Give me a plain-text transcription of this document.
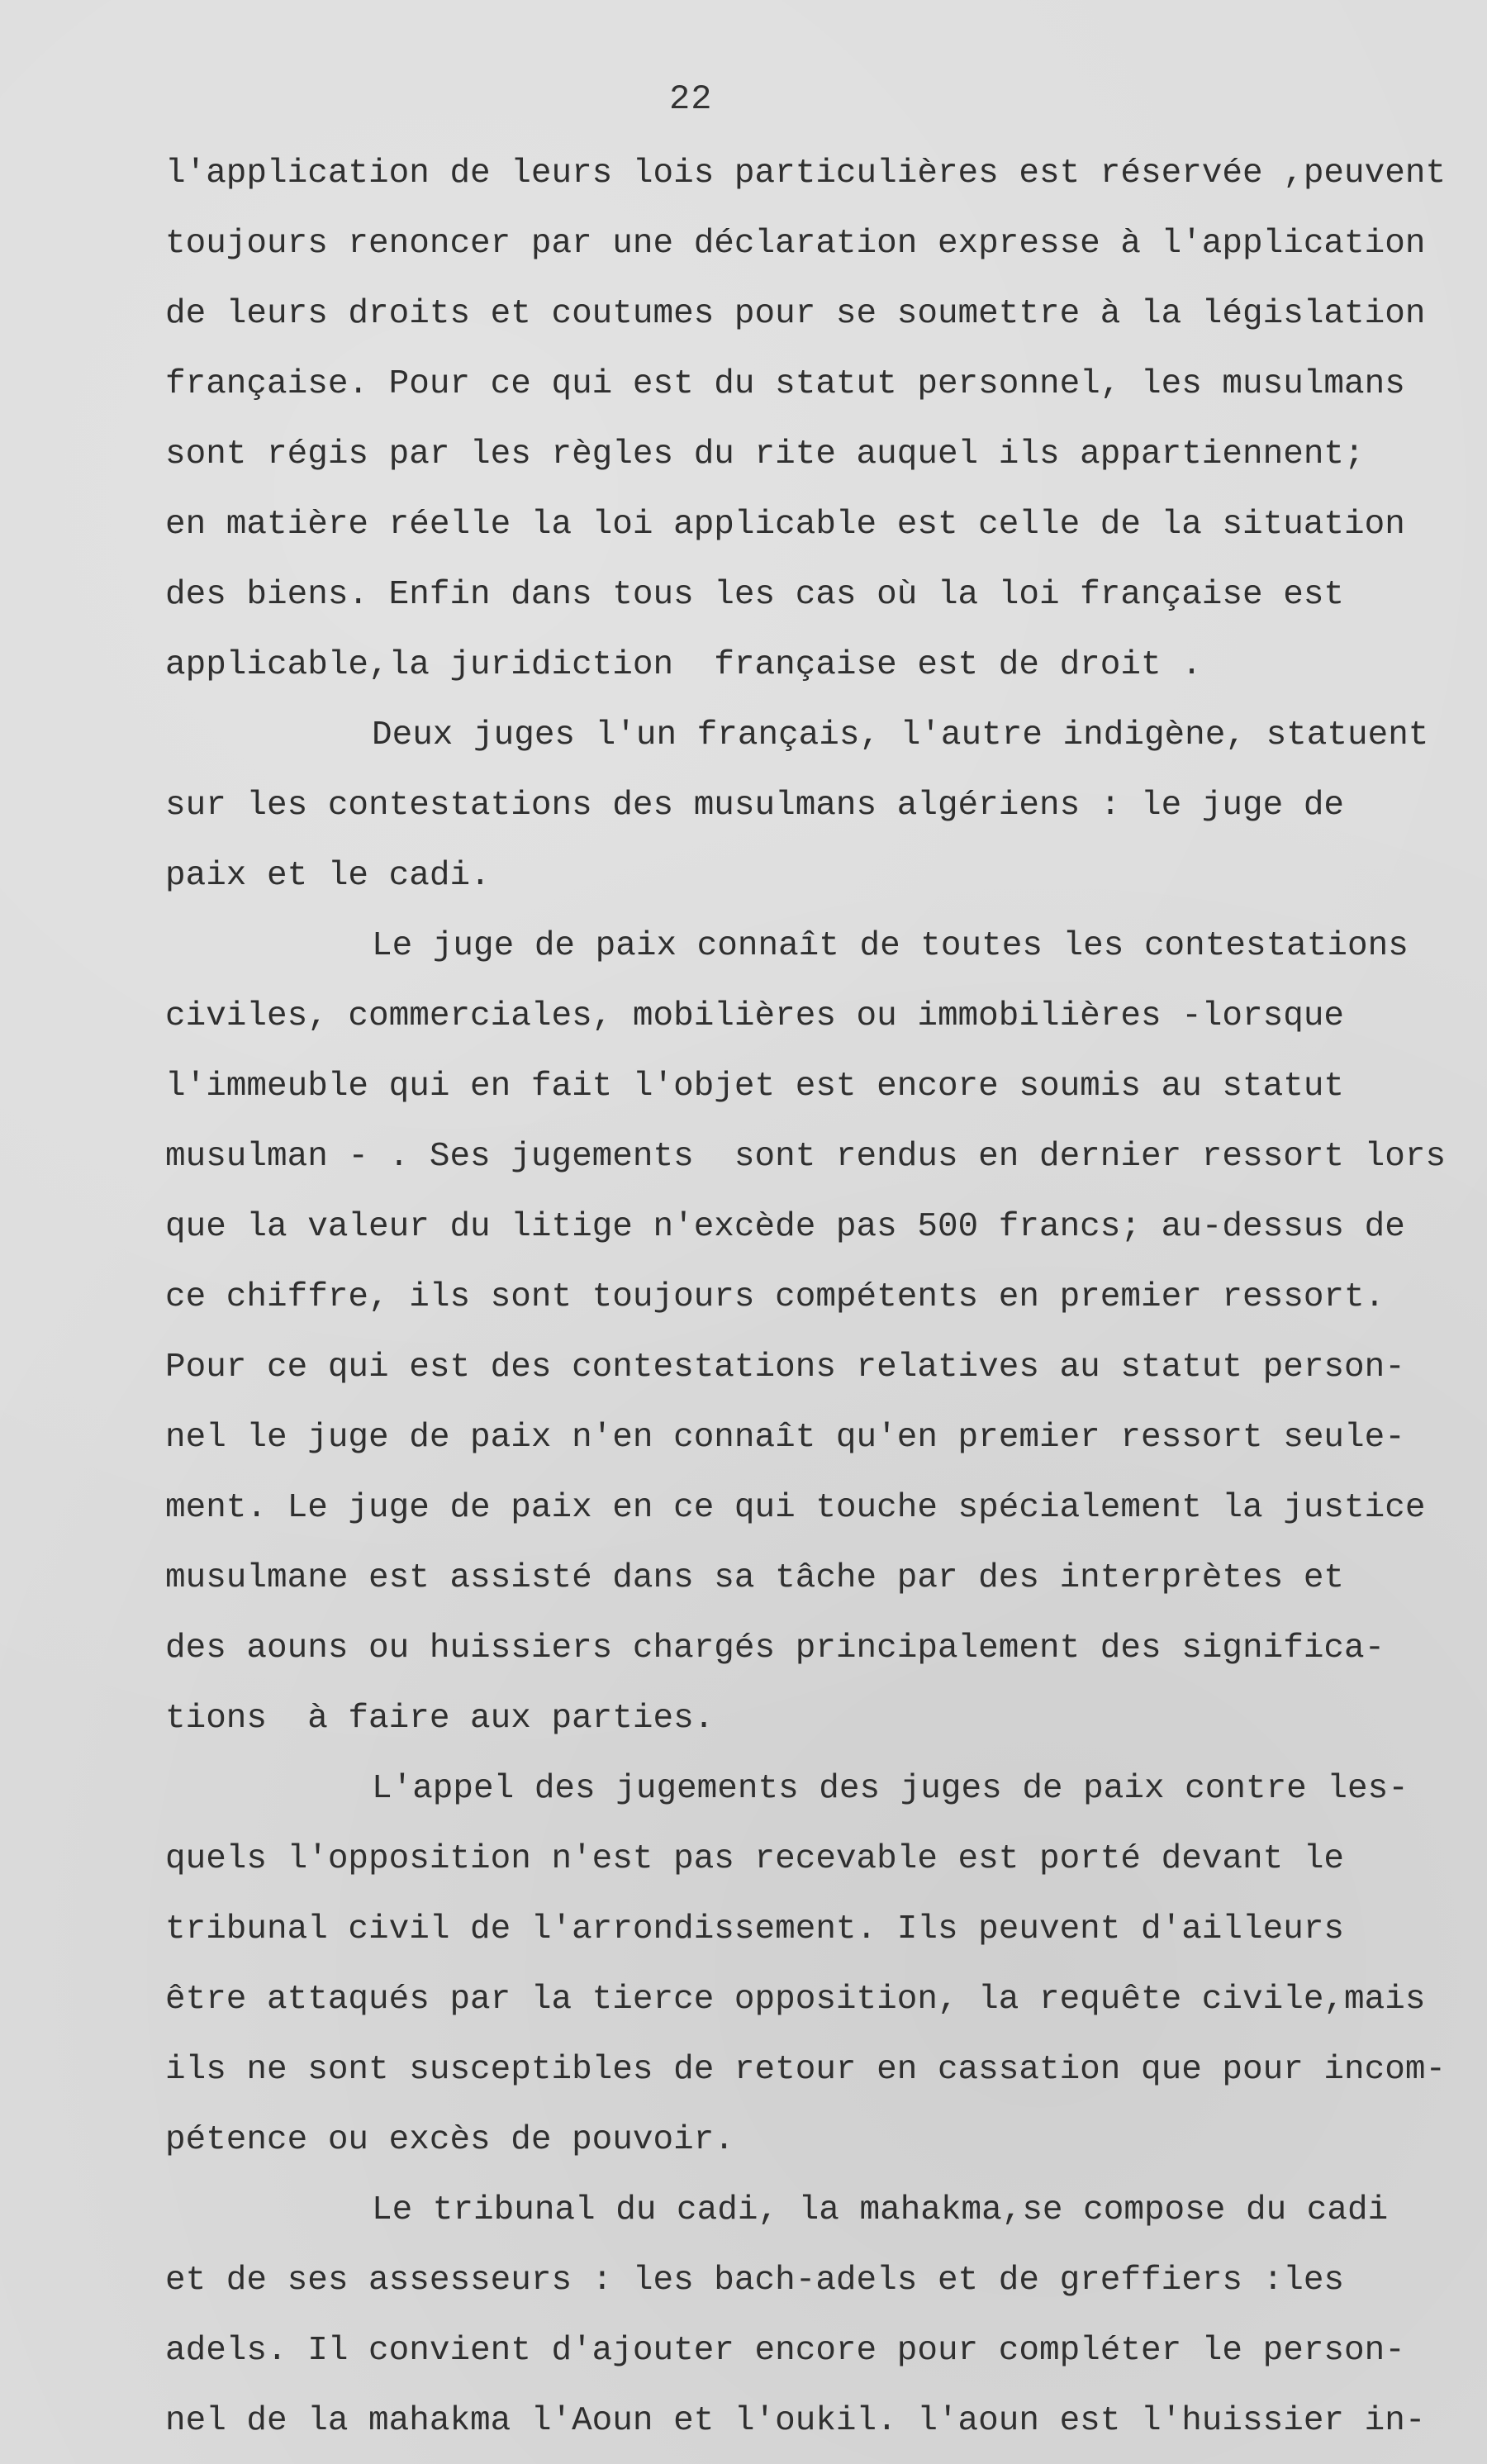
22
l'application de leurs lois particulières est réservée ,peuvent
toujours renoncer par une déclaration expresse à l'application
de leurs droits et coutumes pour se soumettre à la législation
française. Pour ce qui est du statut personnel, les musulmans
sont régis par les règles du rite auquel ils appartiennent;
en matière réelle la loi applicable est celle de la situation
des biens. Enfin dans tous les cas où la loi française est
applicable,la juridiction  française est de droit .
Deux juges l'un français, l'autre indigène, statuent
sur les contestations des musulmans algériens : le juge de
paix et le cadi.
Le juge de paix connaît de toutes les contestations
civiles, commerciales, mobilières ou immobilières -lorsque
l'immeuble qui en fait l'objet est encore soumis au statut
musulman - . Ses jugements  sont rendus en dernier ressort lors
que la valeur du litige n'excède pas 500 francs; au-dessus de
ce chiffre, ils sont toujours compétents en premier ressort.
Pour ce qui est des contestations relatives au statut person-
nel le juge de paix n'en connaît qu'en premier ressort seule-
ment. Le juge de paix en ce qui touche spécialement la justice
musulmane est assisté dans sa tâche par des interprètes et
des aouns ou huissiers chargés principalement des significa-
tions  à faire aux parties.
L'appel des jugements des juges de paix contre les-
quels l'opposition n'est pas recevable est porté devant le
tribunal civil de l'arrondissement. Ils peuvent d'ailleurs
être attaqués par la tierce opposition, la requête civile,mais
ils ne sont susceptibles de retour en cassation que pour incom-
pétence ou excès de pouvoir.
Le tribunal du cadi, la mahakma,se compose du cadi
et de ses assesseurs : les bach-adels et de greffiers :les
adels. Il convient d'ajouter encore pour compléter le person-
nel de la mahakma l'Aoun et l'oukil. l'aoun est l'huissier in-
